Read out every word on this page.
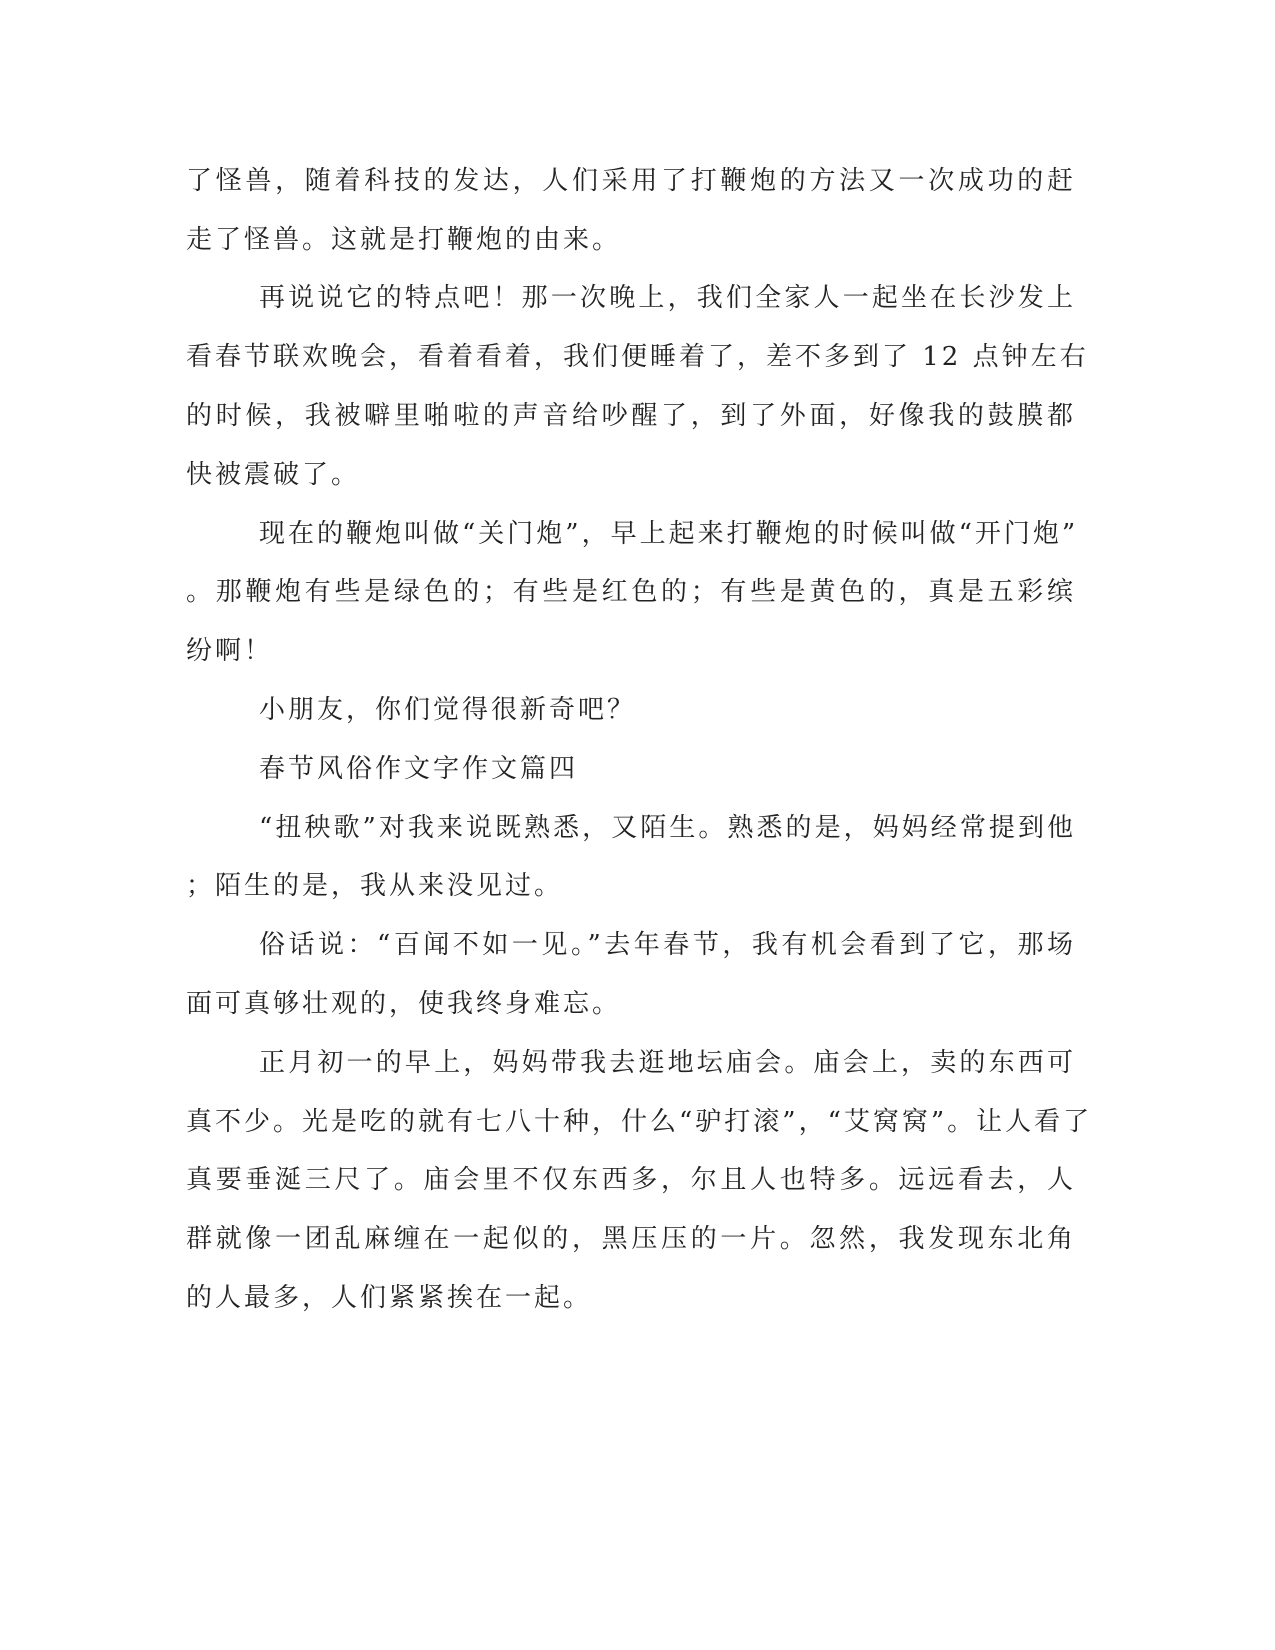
了怪兽，随着科技的发达，人们采用了打鞭炮的方法又一次成功的赶
走了怪兽。这就是打鞭炮的由来。
再说说它的特点吧！那一次晚上，我们全家人一起坐在长沙发上
看春节联欢晚会，看着看着，我们便睡着了，差不多到了 12 点钟左右
的时候，我被噼里啪啦的声音给吵醒了，到了外面，好像我的鼓膜都
快被震破了。
现在的鞭炮叫做“关门炮”，早上起来打鞭炮的时候叫做“开门炮”
。那鞭炮有些是绿色的；有些是红色的；有些是黄色的，真是五彩缤
纷啊！
小朋友，你们觉得很新奇吧？
春节风俗作文字作文篇四
“扭秧歌”对我来说既熟悉，又陌生。熟悉的是，妈妈经常提到他
；陌生的是，我从来没见过。
俗话说：“百闻不如一见。”去年春节，我有机会看到了它，那场
面可真够壮观的，使我终身难忘。
正月初一的早上，妈妈带我去逛地坛庙会。庙会上，卖的东西可
真不少。光是吃的就有七八十种，什么“驴打滚”，“艾窝窝”。让人看了
真要垂涎三尺了。庙会里不仅东西多，尔且人也特多。远远看去，人
群就像一团乱麻缠在一起似的，黑压压的一片。忽然，我发现东北角
的人最多，人们紧紧挨在一起。
